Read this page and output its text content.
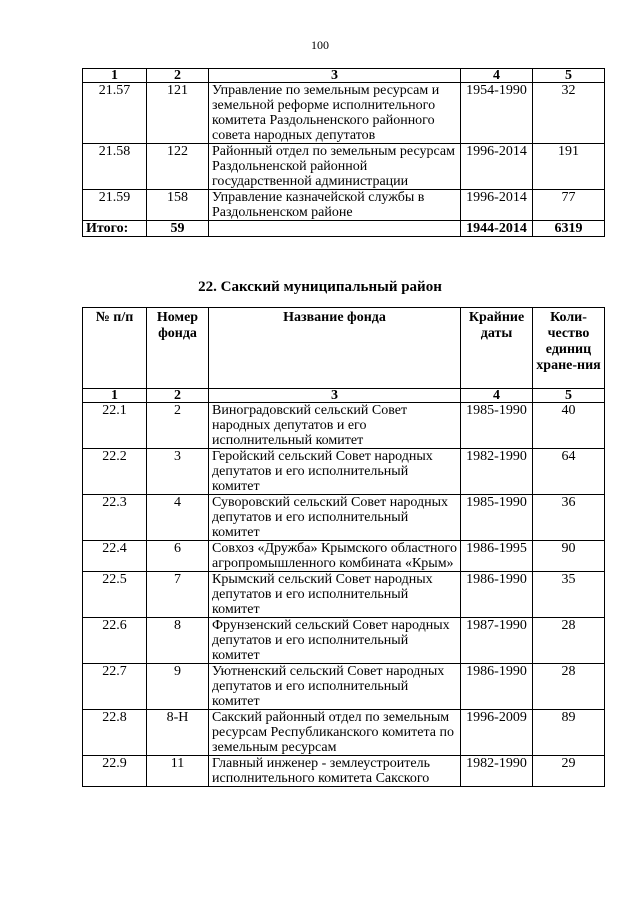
100
1	2	3	4	5
21.57	121	Управление по земельным ресурсам и земельной реформе исполнительного комитета Раздольненского районного совета народных депутатов	1954-1990	32
21.58	122	Районный отдел по земельным ресурсам Раздольненской районной государственной администрации	1996-2014	191
21.59	158	Управление казначейской службы в Раздольненском районе	1996-2014	77
Итого:	59		1944-2014	6319
22. Сакский муниципальный район
№ п/п	Номер фонда	Название фонда	Крайние даты	Коли-чество единиц хране-ния
1	2	3	4	5
22.1	2	Виноградовский сельский Совет народных депутатов и его исполнительный комитет	1985-1990	40
22.2	3	Геройский сельский Совет народных депутатов и его исполнительный комитет	1982-1990	64
22.3	4	Суворовский сельский Совет народных депутатов и его исполнительный комитет	1985-1990	36
22.4	6	Совхоз «Дружба» Крымского областного агропромышленного комбината «Крым»	1986-1995	90
22.5	7	Крымский сельский Совет народных депутатов и его исполнительный комитет	1986-1990	35
22.6	8	Фрунзенский сельский Совет народных депутатов и его исполнительный комитет	1987-1990	28
22.7	9	Уютненский сельский Совет народных депутатов и его исполнительный комитет	1986-1990	28
22.8	8-Н	Сакский районный отдел по земельным ресурсам Республиканского комитета по земельным ресурсам	1996-2009	89
22.9	11	Главный инженер - землеустроитель исполнительного комитета Сакского	1982-1990	29
